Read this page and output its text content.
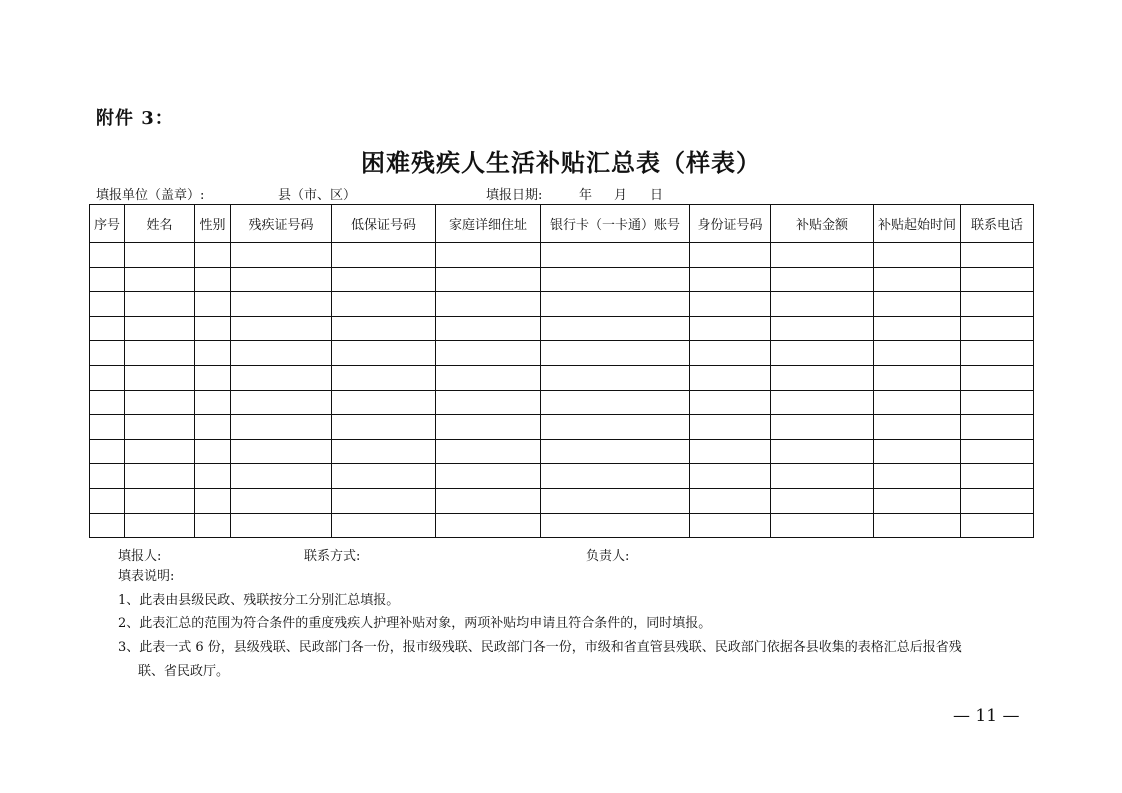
附件 3：
困难残疾人生活补贴汇总表（样表）
填报单位（盖章）:	县（市、区）	填报日期:	年 月 日
序号	姓名	性别	残疾证号码	低保证号码	家庭详细住址	银行卡（一卡通）账号	身份证号码	补贴金额	补贴起始时间	联系电话

填报人:	联系方式:	负责人:
填表说明:
1、此表由县级民政、残联按分工分别汇总填报。
2、此表汇总的范围为符合条件的重度残疾人护理补贴对象，两项补贴均申请且符合条件的，同时填报。
3、此表一式 6 份，县级残联、民政部门各一份，报市级残联、民政部门各一份，市级和省直管县残联、民政部门依据各县收集的表格汇总后报省残
联、省民政厅。
— 11 —
